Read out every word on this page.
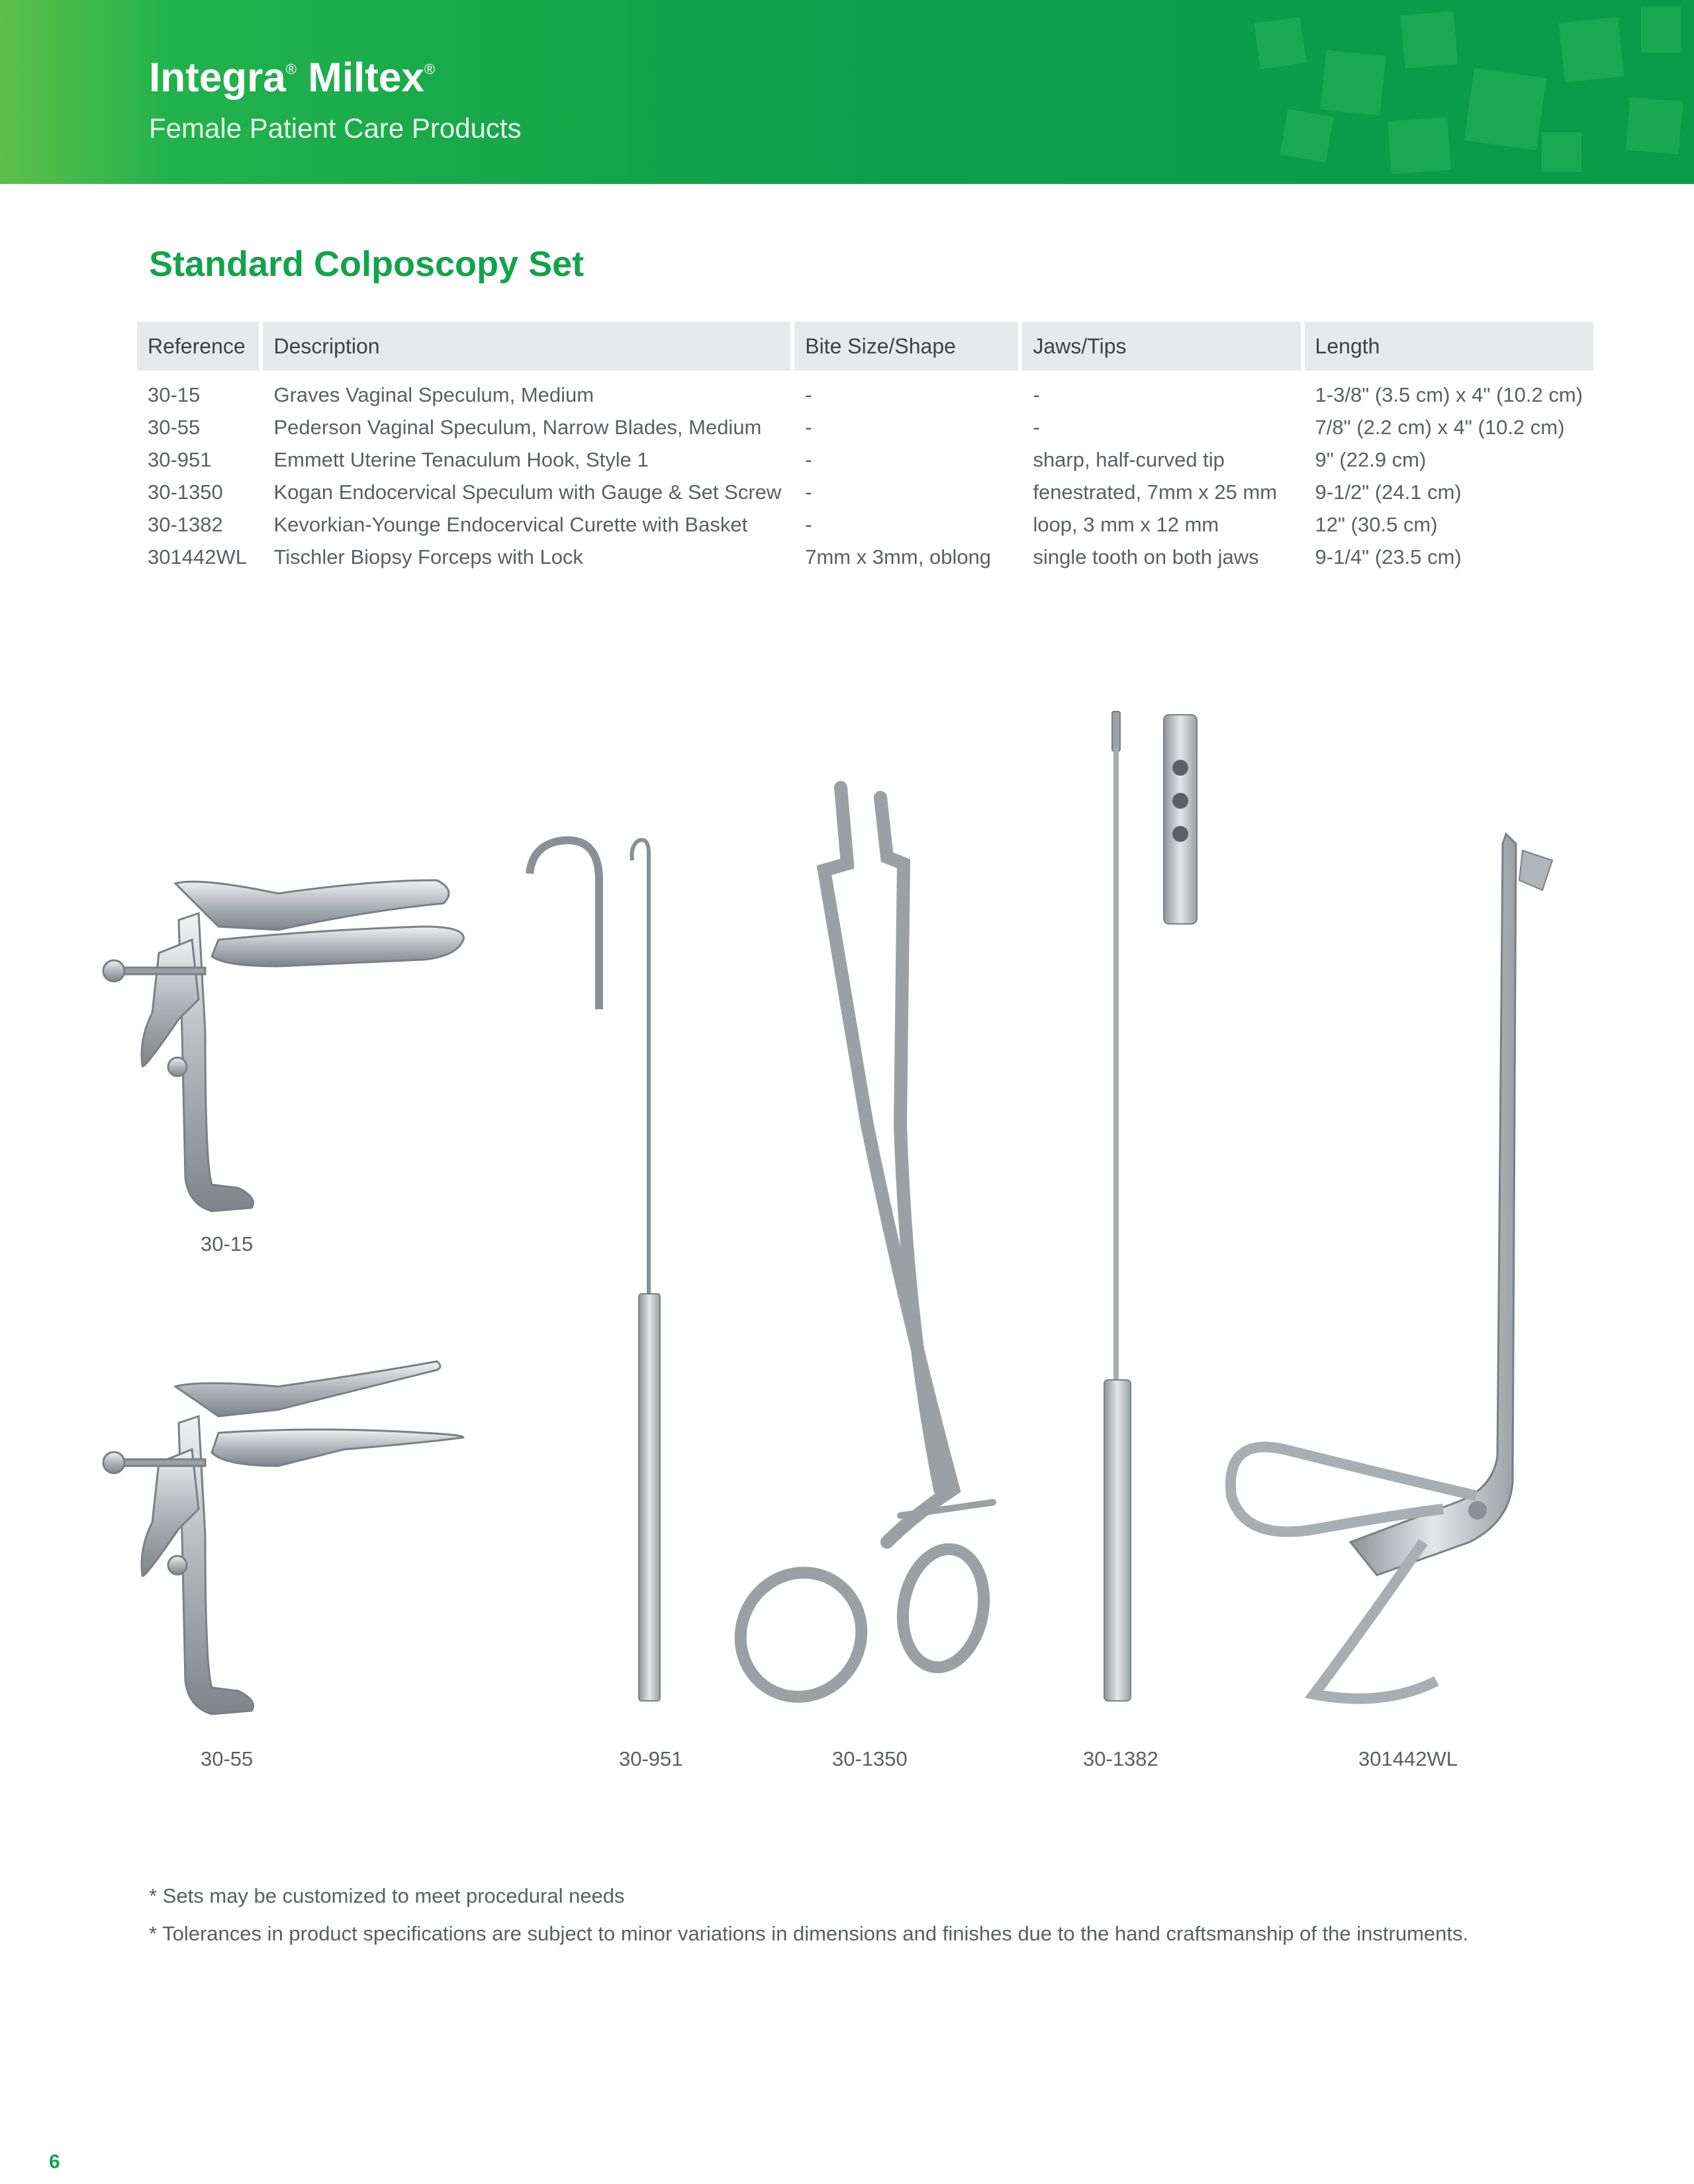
Integra® Miltex®
Female Patient Care Products
Standard Colposcopy Set
Reference	Description	Bite Size/Shape	Jaws/Tips	Length

30-15	Graves Vaginal Speculum, Medium	-	-	1-3/8" (3.5 cm) x 4" (10.2 cm)
30-55	Pederson Vaginal Speculum, Narrow Blades, Medium	-	-	7/8" (2.2 cm) x 4" (10.2 cm)
30-951	Emmett Uterine Tenaculum Hook, Style 1	-	sharp, half-curved tip	9" (22.9 cm)
30-1350	Kogan Endocervical Speculum with Gauge & Set Screw	-	fenestrated, 7mm x 25 mm	9-1/2" (24.1 cm)
30-1382	Kevorkian-Younge Endocervical Curette with Basket	-	loop, 3 mm x 12 mm	12" (30.5 cm)
301442WL	Tischler Biopsy Forceps with Lock	7mm x 3mm, oblong	single tooth on both jaws	9-1/4" (23.5 cm)
30-15
30-55	30-951	30-1350	30-1382	301442WL
* Sets may be customized to meet procedural needs
* Tolerances in product specifications are subject to minor variations in dimensions and finishes due to the hand craftsmanship of the instruments.
6
